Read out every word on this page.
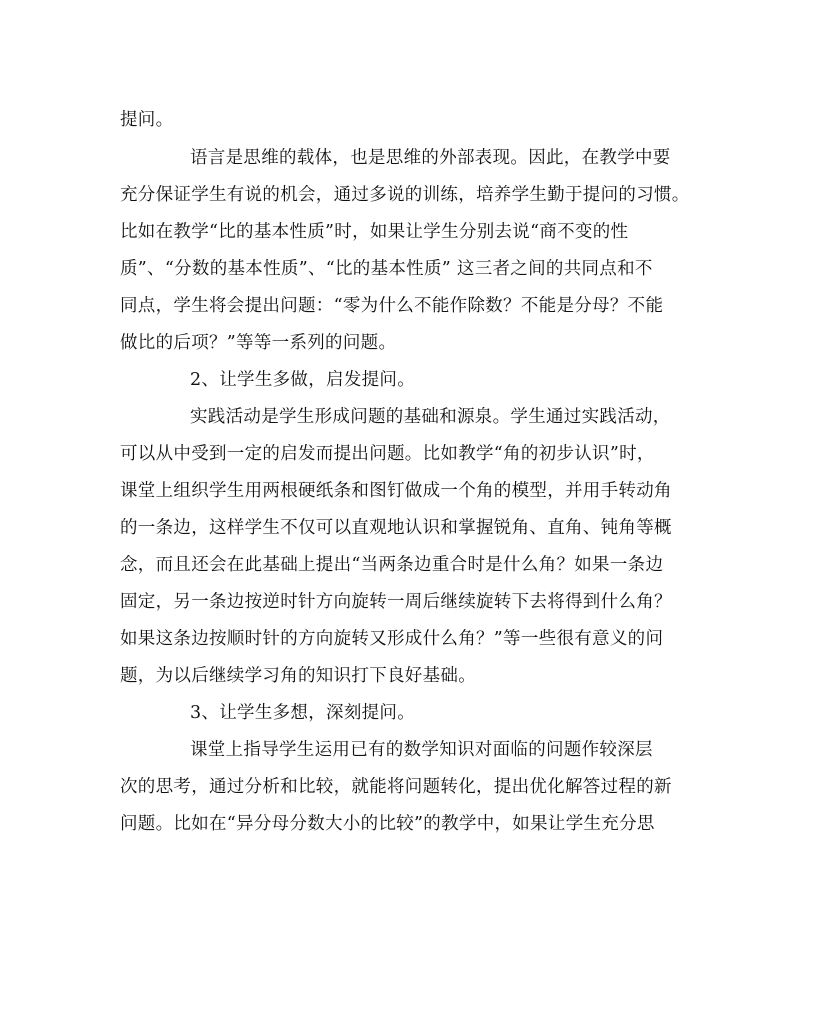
提问。
语言是思维的载体，也是思维的外部表现。因此，在教学中要
充分保证学生有说的机会，通过多说的训练，培养学生勤于提问的习惯。
比如在教学“比的基本性质”时，如果让学生分别去说“商不变的性
质”、“分数的基本性质”、“比的基本性质” 这三者之间的共同点和不
同点，学生将会提出问题：“零为什么不能作除数？不能是分母？不能
做比的后项？”等等一系列的问题。
2、让学生多做，启发提问。
实践活动是学生形成问题的基础和源泉。学生通过实践活动，
可以从中受到一定的启发而提出问题。比如教学“角的初步认识”时，
课堂上组织学生用两根硬纸条和图钉做成一个角的模型，并用手转动角
的一条边，这样学生不仅可以直观地认识和掌握锐角、直角、钝角等概
念，而且还会在此基础上提出“当两条边重合时是什么角？如果一条边
固定，另一条边按逆时针方向旋转一周后继续旋转下去将得到什么角？
如果这条边按顺时针的方向旋转又形成什么角？”等一些很有意义的问
题，为以后继续学习角的知识打下良好基础。
3、让学生多想，深刻提问。
课堂上指导学生运用已有的数学知识对面临的问题作较深层
次的思考，通过分析和比较，就能将问题转化，提出优化解答过程的新
问题。比如在“异分母分数大小的比较”的教学中，如果让学生充分思
